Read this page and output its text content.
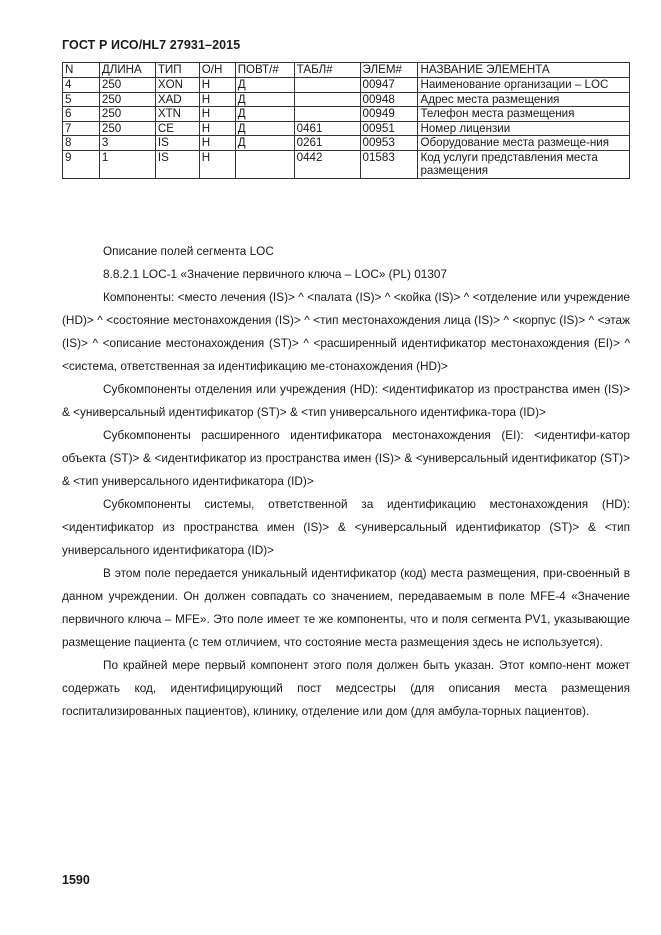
ГОСТ Р ИСО/HL7 27931–2015
N	ДЛИНА	ТИП	О/Н	ПОВТ/#	ТАБЛ#	ЭЛЕМ#	НАЗВАНИЕ ЭЛЕМЕНТА
4	250	XON	Н	Д		00947	Наименование организации – LOC
5	250	XAD	Н	Д		00948	Адрес места размещения
6	250	XTN	Н	Д		00949	Телефон места размещения
7	250	CE	Н	Д	0461	00951	Номер лицензии
8	3	IS	Н	Д	0261	00953	Оборудование места размеще-ния
9	1	IS	Н		0442	01583	Код услуги представления места размещения

Описание полей сегмента LOC

8.8.2.1 LOC-1 «Значение первичного ключа – LOC» (PL) 01307

Компоненты: <место лечения (IS)> ^ <палата (IS)> ^ <койка (IS)> ^ <отделение или учреждение (HD)> ^ <состояние местонахождения (IS)> ^ <тип местонахождения лица (IS)> ^ <корпус (IS)> ^ <этаж (IS)> ^ <описание местонахождения (ST)> ^ <расширенный идентификатор местонахождения (EI)> ^ <система, ответственная за идентификацию ме-стонахождения (HD)>

Субкомпоненты отделения или учреждения (HD): <идентификатор из пространства имен (IS)> & <универсальный идентификатор (ST)> & <тип универсального идентифика-тора (ID)>

Субкомпоненты расширенного идентификатора местонахождения (EI): <идентифи-катор объекта (ST)> & <идентификатор из пространства имен (IS)> & <универсальный идентификатор (ST)> & <тип универсального идентификатора (ID)>

Субкомпоненты системы, ответственной за идентификацию местонахождения (HD): <идентификатор из пространства имен (IS)> & <универсальный идентификатор (ST)> & <тип универсального идентификатора (ID)>

В этом поле передается уникальный идентификатор (код) места размещения, при-своенный в данном учреждении. Он должен совпадать со значением, передаваемым в поле MFE-4 «Значение первичного ключа – MFE». Это поле имеет те же компоненты, что и поля сегмента PV1, указывающие размещение пациента (с тем отличием, что состояние места размещения здесь не используется).

По крайней мере первый компонент этого поля должен быть указан. Этот компо-нент может содержать код, идентифицирующий пост медсестры (для описания места размещения госпитализированных пациентов), клинику, отделение или дом (для амбула-торных пациентов).

1590
